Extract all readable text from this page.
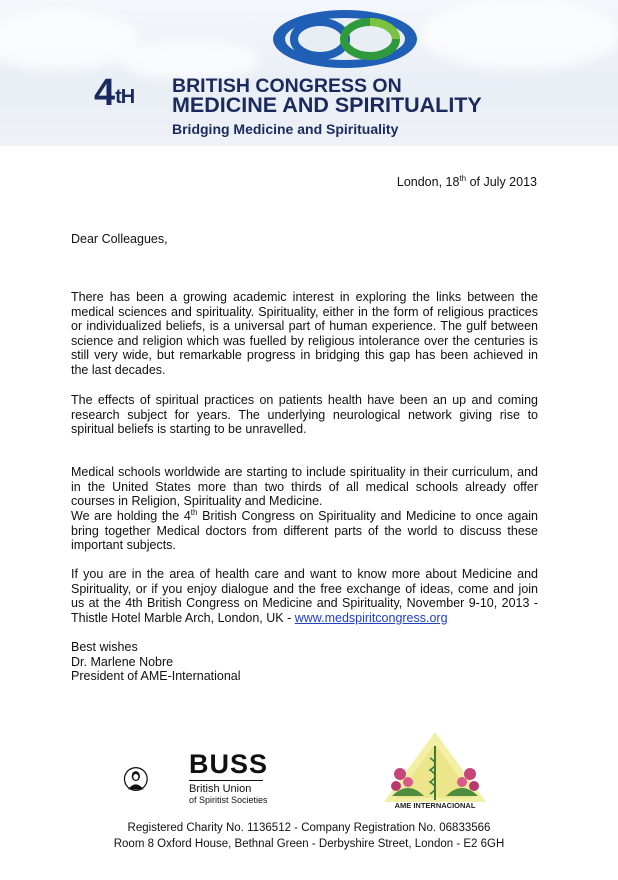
4tH BRITISH CONGRESS ON
MEDICINE AND SPIRITUALITY
Bridging Medicine and Spirituality
London, 18th of July 2013
Dear Colleagues,

There has been a growing academic interest in exploring the links between the medical sciences and spirituality. Spirituality, either in the form of religious practices or individualized beliefs, is a universal part of human experience. The gulf between science and religion which was fuelled by religious intolerance over the centuries is still very wide, but remarkable progress in bridging this gap has been achieved in the last decades.

The effects of spiritual practices on patients health have been an up and coming research subject for years. The underlying neurological network giving rise to spiritual beliefs is starting to be unravelled.

Medical schools worldwide are starting to include spirituality in their curriculum, and in the United States more than two thirds of all medical schools already offer courses in Religion, Spirituality and Medicine.

We are holding the 4th British Congress on Spirituality and Medicine to once again bring together Medical doctors from different parts of the world to discuss these important subjects.

If you are in the area of health care and want to know more about Medicine and Spirituality, or if you enjoy dialogue and the free exchange of ideas, come and join us at the 4th British Congress on Medicine and Spirituality, November 9-10, 2013 - Thistle Hotel Marble Arch, London, UK - www.medspiritcongress.org

Best wishes
Dr. Marlene Nobre
President of AME-International
BUSS
British Union
of Spiritist Societies
AME INTERNACIONAL
Registered Charity No. 1136512 - Company Registration No. 06833566
Room 8 Oxford House, Bethnal Green - Derbyshire Street, London - E2 6GH
